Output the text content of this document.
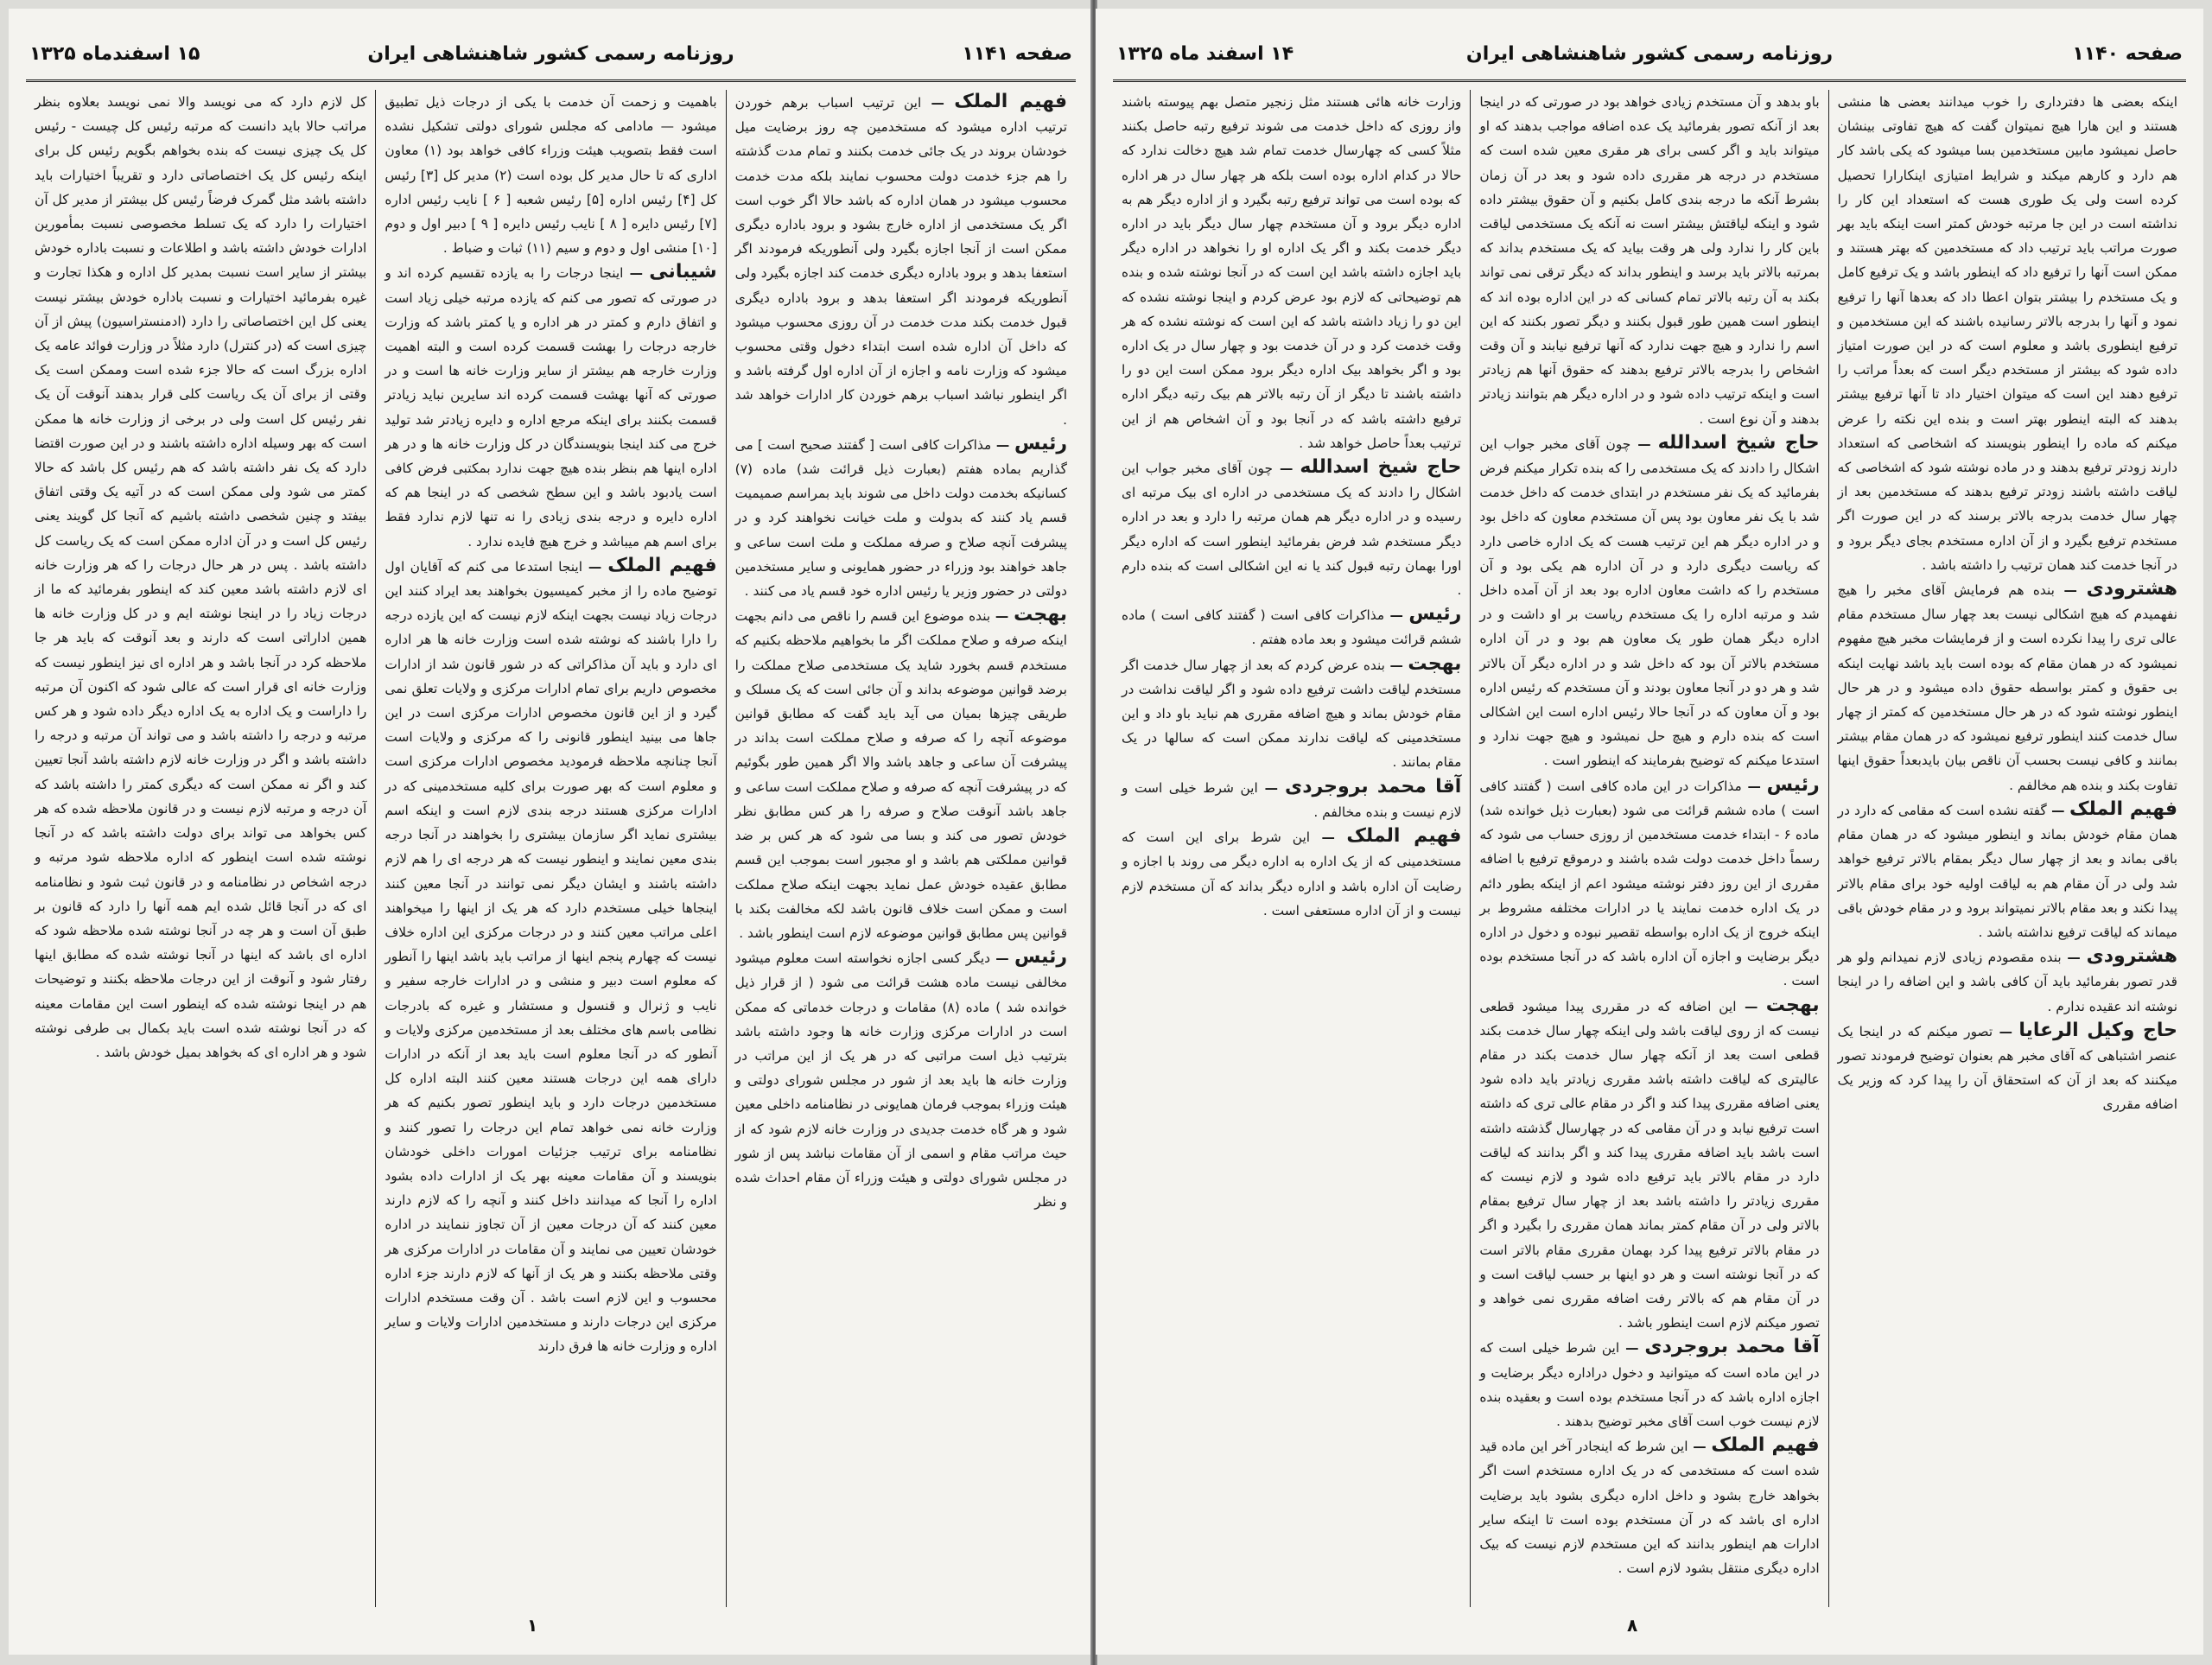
صفحه ۱۱۴۱
روزنامه رسمی کشور شاهنشاهی ایران
۱۵ اسفندماه ۱۳۲۵

فهیم الملک — این ترتیب اسباب برهم خوردن ترتیب اداره میشود که مستخدمین چه روز برضایت میل خودشان بروند در یک جائی خدمت بکنند و تمام مدت گذشته را هم جزء خدمت دولت محسوب نمایند بلکه مدت خدمت محسوب میشود در همان اداره که باشد حالا اگر خوب است اگر یک مستخدمی از اداره خارج بشود و برود باداره دیگری ممکن است از آنجا اجازه بگیرد ولی آنطوریکه فرمودند اگر استعفا بدهد و برود باداره دیگری خدمت کند اجازه بگیرد ولی آنطوریکه فرمودند اگر استعفا بدهد و برود باداره دیگری قبول خدمت بکند مدت خدمت در آن روزی محسوب میشود که داخل آن اداره شده است ابتداء دخول وقتی محسوب میشود که وزارت نامه و اجازه از آن اداره اول گرفته باشد و اگر اینطور نباشد اسباب برهم خوردن کار ادارات خواهد شد .

رئیس — مذاکرات کافی است [ گفتند صحیح است ] می گذاریم بماده هفتم (بعبارت ذیل قرائت شد) ماده (۷) کسانیکه بخدمت دولت داخل می شوند باید بمراسم صمیمیت قسم یاد کنند که بدولت و ملت خیانت نخواهند کرد و در پیشرفت آنچه صلاح و صرفه مملکت و ملت است ساعی و جاهد خواهند بود وزراء در حضور همایونی و سایر مستخدمین دولتی در حضور وزیر یا رئیس اداره خود قسم یاد می کنند .

بهجت — بنده موضوع این قسم را ناقص می دانم بجهت اینکه صرفه و صلاح مملکت اگر ما بخواهیم ملاحظه بکنیم که مستخدم قسم بخورد شاید یک مستخدمی صلاح مملکت را برضد قوانین موضوعه بداند و آن جائی است که یک مسلک و طریقی چیزها بمیان می آید باید گفت که مطابق قوانین موضوعه آنچه را که صرفه و صلاح مملکت است بداند در پیشرفت آن ساعی و جاهد باشد والا اگر همین طور بگوئیم که در پیشرفت آنچه که صرفه و صلاح مملکت است ساعی و جاهد باشد آنوقت صلاح و صرفه را هر کس مطابق نظر خودش تصور می کند و بسا می شود که هر کس بر ضد قوانین مملکتی هم باشد و او مجبور است بموجب این قسم مطابق عقیده خودش عمل نماید بجهت اینکه صلاح مملکت است و ممکن است خلاف قانون باشد لکه مخالفت بکند با قوانین پس مطابق قوانین موضوعه لازم است اینطور باشد .

رئیس — دیگر کسی اجازه نخواسته است معلوم میشود مخالفی نیست ماده هشت قرائت می شود ( از قرار ذیل خوانده شد ) ماده (۸) مقامات و درجات خدماتی که ممکن است در ادارات مرکزی وزارت خانه ها وجود داشته باشد بترتیب ذیل است مراتبی که در هر یک از این مراتب در وزارت خانه ها باید بعد از شور در مجلس شورای دولتی و هیئت وزراء بموجب فرمان همایونی در نظامنامه داخلی معین شود و هر گاه خدمت جدیدی در وزارت خانه لازم شود که از حیث مراتب مقام و اسمی از آن مقامات نباشد پس از شور در مجلس شورای دولتی و هیئت وزراء آن مقام احداث شده و نظر

باهمیت و زحمت آن خدمت با یکی از درجات ذیل تطبیق میشود — مادامی که مجلس شورای دولتی تشکیل نشده است فقط بتصویب هیئت وزراء کافی خواهد بود (۱) معاون اداری که تا حال مدیر کل بوده است (۲) مدیر کل [۳] رئیس کل [۴] رئیس اداره [۵] رئیس شعبه [ ۶ ] نایب رئیس اداره [۷] رئیس دایره [ ۸ ] نایب رئیس دایره [ ۹ ] دبیر اول و دوم [۱۰] منشی اول و دوم و سیم (۱۱) ثبات و ضباط .

شیبانی — اینجا درجات را به یازده تقسیم کرده اند و در صورتی که تصور می کنم که یازده مرتبه خیلی زیاد است و اتفاق دارم و کمتر در هر اداره و یا کمتر باشد که وزارت خارجه درجات را بهشت قسمت کرده است و البته اهمیت وزارت خارجه هم بیشتر از سایر وزارت خانه ها است و در صورتی که آنها بهشت قسمت کرده اند سایرین نباید زیادتر قسمت بکنند برای اینکه مرجع اداره و دایره زیادتر شد تولید خرج می کند اینجا بنویسندگان در کل وزارت خانه ها و در هر اداره اینها هم بنظر بنده هیچ جهت ندارد بمکتبی فرض کافی است یادبود باشد و این سطح شخصی که در اینجا هم که اداره دایره و درجه بندی زیادی را نه تنها لازم ندارد فقط برای اسم هم میباشد و خرج هیچ فایده ندارد .

فهیم الملک — اینجا استدعا می کنم که آقایان اول توضیح ماده را از مخبر کمیسیون بخواهند بعد ایراد کنند این درجات زیاد نیست بجهت اینکه لازم نیست که این یازده درجه را دارا باشند که نوشته شده است وزارت خانه ها هر اداره ای دارد و باید آن مذاکراتی که در شور قانون شد از ادارات مخصوص داریم برای تمام ادارات مرکزی و ولایات تعلق نمی گیرد و از این قانون مخصوص ادارات مرکزی است در این جاها می بینید اینطور قانونی را که مرکزی و ولایات است آنجا چنانچه ملاحظه فرمودید مخصوص ادارات مرکزی است و معلوم است که بهر صورت برای کلیه مستخدمینی که در ادارات مرکزی هستند درجه بندی لازم است و اینکه اسم بیشتری نماید اگر سازمان بیشتری را بخواهند در آنجا درجه بندی معین نمایند و اینطور نیست که هر درجه ای را هم لازم داشته باشند و ایشان دیگر نمی توانند در آنجا معین کنند اینجاها خیلی مستخدم دارد که هر یک از اینها را میخواهند اعلی مراتب معین کنند و در درجات مرکزی این اداره خلاف نیست که چهارم پنجم اینها از مراتب باید باشد اینها را آنطور که معلوم است دبیر و منشی و در ادارات خارجه سفیر و نایب و ژنرال و قنسول و مستشار و غیره که بادرجات نظامی باسم های مختلف بعد از مستخدمین مرکزی ولایات و آنطور که در آنجا معلوم است باید بعد از آنکه در ادارات دارای همه این درجات هستند معین کنند البته اداره کل مستخدمین درجات دارد و باید اینطور تصور بکنیم که هر وزارت خانه نمی خواهد تمام این درجات را تصور کنند و نظامنامه برای ترتیب جزئیات امورات داخلی خودشان بنویسند و آن مقامات معینه بهر یک از ادارات داده بشود اداره را آنجا که میدانند داخل کنند و آنچه را که لازم دارند معین کنند که آن درجات معین از آن تجاوز ننمایند در اداره خودشان تعیین می نمایند و آن مقامات در ادارات مرکزی هر وقتی ملاحظه بکنند و هر یک از آنها که لازم دارند جزء اداره محسوب و این لازم است باشد . آن وقت مستخدم ادارات مرکزی این درجات دارند و مستخدمین ادارات ولایات و سایر اداره و وزارت خانه ها فرق دارند

کل لازم دارد که می نویسد والا نمی نویسد بعلاوه بنظر مراتب حالا باید دانست که مرتبه رئیس کل چیست - رئیس کل یک چیزی نیست که بنده بخواهم بگویم رئیس کل برای اینکه رئیس کل یک اختصاصاتی دارد و تقریباً اختیارات باید داشته باشد مثل گمرک فرضاً رئیس کل بیشتر از مدیر کل آن اختیارات را دارد که یک تسلط مخصوصی نسبت بمأمورین ادارات خودش داشته باشد و اطلاعات و نسبت باداره خودش بیشتر از سایر است نسبت بمدیر کل اداره و هکذا تجارت و غیره بفرمائید اختیارات و نسبت باداره خودش بیشتر نیست یعنی کل این اختصاصاتی را دارد (ادمنستراسیون) پیش از آن چیزی است که (در کنترل) دارد مثلاً در وزارت فوائد عامه یک اداره بزرگ است که حالا جزء شده است وممکن است یک وقتی از برای آن یک ریاست کلی قرار بدهند آنوقت آن یک نفر رئیس کل است ولی در برخی از وزارت خانه ها ممکن است که بهر وسیله اداره داشته باشند و در این صورت اقتضا دارد که یک نفر داشته باشد که هم رئیس کل باشد که حالا کمتر می شود ولی ممکن است که در آتیه یک وقتی اتفاق بیفتد و چنین شخصی داشته باشیم که آنجا کل گویند یعنی رئیس کل است و در آن اداره ممکن است که یک ریاست کل داشته باشد . پس در هر حال درجات را که هر وزارت خانه ای لازم داشته باشد معین کند که اینطور بفرمائید که ما از درجات زیاد را در اینجا نوشته ایم و در کل وزارت خانه ها همین اداراتی است که دارند و بعد آنوقت که باید هر جا ملاحظه کرد در آنجا باشد و هر اداره ای نیز اینطور نیست که وزارت خانه ای قرار است که عالی شود که اکنون آن مرتبه را داراست و یک اداره به یک اداره دیگر داده شود و هر کس مرتبه و درجه را داشته باشد و می تواند آن مرتبه و درجه را داشته باشد و اگر در وزارت خانه لازم داشته باشد آنجا تعیین کند و اگر نه ممکن است که دیگری کمتر را داشته باشد که آن درجه و مرتبه لازم نیست و در قانون ملاحظه شده که هر کس بخواهد می تواند برای دولت داشته باشد که در آنجا نوشته شده است اینطور که اداره ملاحظه شود مرتبه و درجه اشخاص در نظامنامه و در قانون ثبت شود و نظامنامه ای که در آنجا قائل شده ایم همه آنها را دارد که قانون بر طبق آن است و هر چه در آنجا نوشته شده ملاحظه شود که اداره ای باشد که اینها در آنجا نوشته شده که مطابق اینها رفتار شود و آنوقت از این درجات ملاحظه بکنند و توضیحات هم در اینجا نوشته شده که اینطور است این مقامات معینه که در آنجا نوشته شده است باید بکمال بی طرفی نوشته شود و هر اداره ای که بخواهد بمیل خودش باشد .

۱
صفحه ۱۱۴۰
روزنامه رسمی کشور شاهنشاهی ایران
۱۴ اسفند ماه ۱۳۲۵

اینکه بعضی ها دفترداری را خوب میدانند بعضی ها منشی هستند و این هارا هیچ نمیتوان گفت که هیچ تفاوتی بینشان حاصل نمیشود مابین مستخدمین بسا میشود که یکی باشد کار هم دارد و کارهم میکند و شرایط امتیازی اینکارارا تحصیل کرده است ولی یک طوری هست که استعداد این کار را نداشته است در این جا مرتبه خودش کمتر است اینکه باید بهر صورت مراتب باید ترتیب داد که مستخدمین که بهتر هستند و ممکن است آنها را ترفیع داد که اینطور باشد و یک ترفیع کامل و یک مستخدم را بیشتر بتوان اعطا داد که بعدها آنها را ترفیع نمود و آنها را بدرجه بالاتر رسانیده باشند که این مستخدمین و ترفیع اینطوری باشد و معلوم است که در این صورت امتیاز داده شود که بیشتر از مستخدم دیگر است که بعداً مراتب را ترفیع دهند این است که میتوان اختیار داد تا آنها ترفیع بیشتر بدهند که البته اینطور بهتر است و بنده این نکته را عرض میکنم که ماده را اینطور بنویسند که اشخاصی که استعداد دارند زودتر ترفیع بدهند و در ماده نوشته شود که اشخاصی که لیاقت داشته باشند زودتر ترفیع بدهند که مستخدمین بعد از چهار سال خدمت بدرجه بالاتر برسند که در این صورت اگر مستخدم ترفیع بگیرد و از آن اداره مستخدم بجای دیگر برود و در آنجا خدمت کند همان ترتیب را داشته باشد .

هشترودی — بنده هم فرمایش آقای مخبر را هیچ نفهمیدم که هیچ اشکالی نیست بعد چهار سال مستخدم مقام عالی تری را پیدا نکرده است و از فرمایشات مخبر هیچ مفهوم نمیشود که در همان مقام که بوده است باید باشد نهایت اینکه بی حقوق و کمتر بواسطه حقوق داده میشود و در هر حال اینطور نوشته شود که در هر حال مستخدمین که کمتر از چهار سال خدمت کنند اینطور ترفیع نمیشود که در همان مقام بیشتر بمانند و کافی نیست بحسب آن ناقص بیان بایدبعداً حقوق اینها تفاوت بکند و بنده هم مخالفم .

فهیم الملک — گفته نشده است که مقامی که دارد در همان مقام خودش بماند و اینطور میشود که در همان مقام باقی بماند و بعد از چهار سال دیگر بمقام بالاتر ترفیع خواهد شد ولی در آن مقام هم به لیاقت اولیه خود برای مقام بالاتر پیدا نکند و بعد مقام بالاتر نمیتواند برود و در مقام خودش باقی میماند که لیاقت ترفیع نداشته باشد .

هشترودی — بنده مقصودم زیادی لازم نمیدانم ولو هر قدر تصور بفرمائید باید آن کافی باشد و این اضافه را در اینجا نوشته اند عقیده ندارم .

حاج وکیل الرعایا — تصور میکنم که در اینجا یک عنصر اشتباهی که آقای مخبر هم بعنوان توضیح فرمودند تصور میکنند که بعد از آن که استحقاق آن را پیدا کرد که وزیر یک اضافه مقرری

باو بدهد و آن مستخدم زیادی خواهد بود در صورتی که در اینجا بعد از آنکه تصور بفرمائید یک عده اضافه مواجب بدهند که او میتواند باید و اگر کسی برای هر مقری معین شده است که مستخدم در درجه هر مقرری داده شود و بعد در آن زمان بشرط آنکه ما درجه بندی کامل بکنیم و آن حقوق بیشتر داده شود و اینکه لیاقتش بیشتر است نه آنکه یک مستخدمی لیاقت باین کار را ندارد ولی هر وقت بیاید که یک مستخدم بداند که بمرتبه بالاتر باید برسد و اینطور بداند که دیگر ترقی نمی تواند بکند به آن رتبه بالاتر تمام کسانی که در این اداره بوده اند که اینطور است همین طور قبول بکنند و دیگر تصور بکنند که این اسم را ندارد و هیچ جهت ندارد که آنها ترفیع نیابند و آن وقت اشخاص را بدرجه بالاتر ترفیع بدهند که حقوق آنها هم زیادتر است و اینکه ترتیب داده شود و در اداره دیگر هم بتوانند زیادتر بدهند و آن نوع است .

حاج شیخ اسدالله — چون آقای مخبر جواب این اشکال را دادند که یک مستخدمی را که بنده تکرار میکنم فرض بفرمائید که یک نفر مستخدم در ابتدای خدمت که داخل خدمت شد با یک نفر معاون بود پس آن مستخدم معاون که داخل بود و در اداره دیگر هم این ترتیب هست که یک اداره خاصی دارد که ریاست دیگری دارد و در آن اداره هم یکی بود و آن مستخدم را که داشت معاون اداره بود بعد از آن آمده داخل شد و مرتبه اداره را یک مستخدم ریاست بر او داشت و در اداره دیگر همان طور یک معاون هم بود و در آن اداره مستخدم بالاتر آن بود که داخل شد و در اداره دیگر آن بالاتر شد و هر دو در آنجا معاون بودند و آن مستخدم که رئیس اداره بود و آن معاون که در آنجا حالا رئیس اداره است این اشکالی است که بنده دارم و هیچ حل نمیشود و هیچ جهت ندارد و استدعا میکنم که توضیح بفرمایند که اینطور است .

رئیس — مذاکرات در این ماده کافی است ( گفتند کافی است ) ماده ششم قرائت می شود (بعبارت ذیل خوانده شد) ماده ۶ - ابتداء خدمت مستخدمین از روزی حساب می شود که رسماً داخل خدمت دولت شده باشند و درموقع ترفیع با اضافه مقرری از این روز دفتر نوشته میشود اعم از اینکه بطور دائم در یک اداره خدمت نمایند یا در ادارات مختلفه مشروط بر اینکه خروج از یک اداره بواسطه تقصیر نبوده و دخول در اداره دیگر برضایت و اجازه آن اداره باشد که در آنجا مستخدم بوده است .

بهجت — این اضافه که در مقرری پیدا میشود قطعی نیست که از روی لیاقت باشد ولی اینکه چهار سال خدمت بکند قطعی است بعد از آنکه چهار سال خدمت بکند در مقام عالیتری که لیاقت داشته باشد مقرری زیادتر باید داده شود یعنی اضافه مقرری پیدا کند و اگر در مقام عالی تری که داشته است ترفیع نیابد و در آن مقامی که در چهارسال گذشته داشته است باشد باید اضافه مقرری پیدا کند و اگر بدانند که لیاقت دارد در مقام بالاتر باید ترفیع داده شود و لازم نیست که مقرری زیادتر را داشته باشد بعد از چهار سال ترفیع بمقام بالاتر ولی در آن مقام کمتر بماند همان مقرری را بگیرد و اگر در مقام بالاتر ترفیع پیدا کرد بهمان مقرری مقام بالاتر است که در آنجا نوشته است و هر دو اینها بر حسب لیاقت است و در آن مقام هم که بالاتر رفت اضافه مقرری نمی خواهد و تصور میکنم لازم است اینطور باشد .

آقا محمد بروجردی — این شرط خیلی است که در این ماده است که میتوانید و دخول دراداره دیگر برضایت و اجازه اداره باشد که در آنجا مستخدم بوده است و بعقیده بنده لازم نیست خوب است آقای مخبر توضیح بدهند .

فهیم الملک — این شرط که اینجادر آخر این ماده قید شده است که مستخدمی که در یک اداره مستخدم است اگر بخواهد خارج بشود و داخل اداره دیگری بشود باید برضایت اداره ای باشد که در آن مستخدم بوده است تا اینکه سایر ادارات هم اینطور بدانند که این مستخدم لازم نیست که بیک اداره دیگری منتقل بشود لازم است .

وزارت خانه هائی هستند مثل زنجیر متصل بهم پیوسته باشند واز روزی که داخل خدمت می شوند ترفیع رتبه حاصل بکنند مثلاً کسی که چهارسال خدمت تمام شد هیچ دخالت ندارد که حالا در کدام اداره بوده است بلکه هر چهار سال در هر اداره که بوده است می تواند ترفیع رتبه بگیرد و از اداره دیگر هم به اداره دیگر برود و آن مستخدم چهار سال دیگر باید در اداره دیگر خدمت بکند و اگر یک اداره او را نخواهد در اداره دیگر باید اجازه داشته باشد این است که در آنجا نوشته شده و بنده هم توضیحاتی که لازم بود عرض کردم و اینجا نوشته نشده که این دو را زیاد داشته باشد که این است که نوشته نشده که هر وقت خدمت کرد و در آن خدمت بود و چهار سال در یک اداره بود و اگر بخواهد بیک اداره دیگر برود ممکن است این دو را داشته باشند تا دیگر از آن رتبه بالاتر هم بیک رتبه دیگر اداره ترفیع داشته باشد که در آنجا بود و آن اشخاص هم از این ترتیب بعداً حاصل خواهد شد .

حاج شیخ اسدالله — چون آقای مخبر جواب این اشکال را دادند که یک مستخدمی در اداره ای بیک مرتبه ای رسیده و در اداره دیگر هم همان مرتبه را دارد و بعد در اداره دیگر مستخدم شد فرض بفرمائید اینطور است که اداره دیگر اورا بهمان رتبه قبول کند یا نه این اشکالی است که بنده دارم .

رئیس — مذاکرات کافی است ( گفتند کافی است ) ماده ششم قرائت میشود و بعد ماده هفتم .

بهجت — بنده عرض کردم که بعد از چهار سال خدمت اگر مستخدم لیاقت داشت ترفیع داده شود و اگر لیاقت نداشت در مقام خودش بماند و هیچ اضافه مقرری هم نباید باو داد و این مستخدمینی که لیاقت ندارند ممکن است که سالها در یک مقام بمانند .

آقا محمد بروجردی — این شرط خیلی است و لازم نیست و بنده مخالفم .

فهیم الملک — این شرط برای این است که مستخدمینی که از یک اداره به اداره دیگر می روند با اجازه و رضایت آن اداره باشد و اداره دیگر بداند که آن مستخدم لازم نیست و از آن اداره مستعفی است .

۸
